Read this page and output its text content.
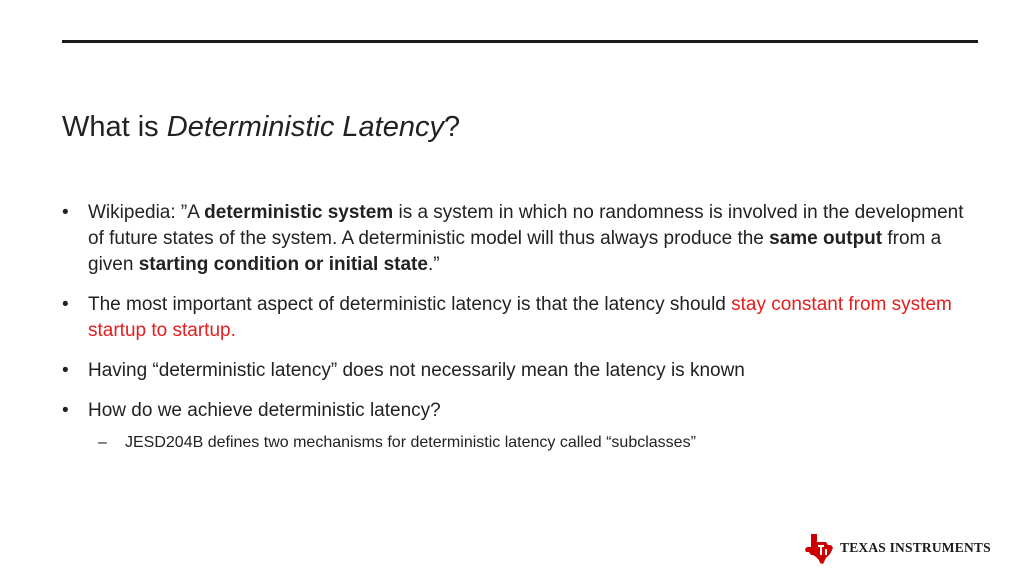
What is Deterministic Latency?
• Wikipedia: ”A deterministic system is a system in which no randomness is involved in the development of future states of the system. A deterministic model will thus always produce the same output from a given starting condition or initial state.”
• The most important aspect of deterministic latency is that the latency should stay constant from system startup to startup.
• Having “deterministic latency” does not necessarily mean the latency is known
• How do we achieve deterministic latency?
– JESD204B defines two mechanisms for deterministic latency called “subclasses”
TEXAS INSTRUMENTS
